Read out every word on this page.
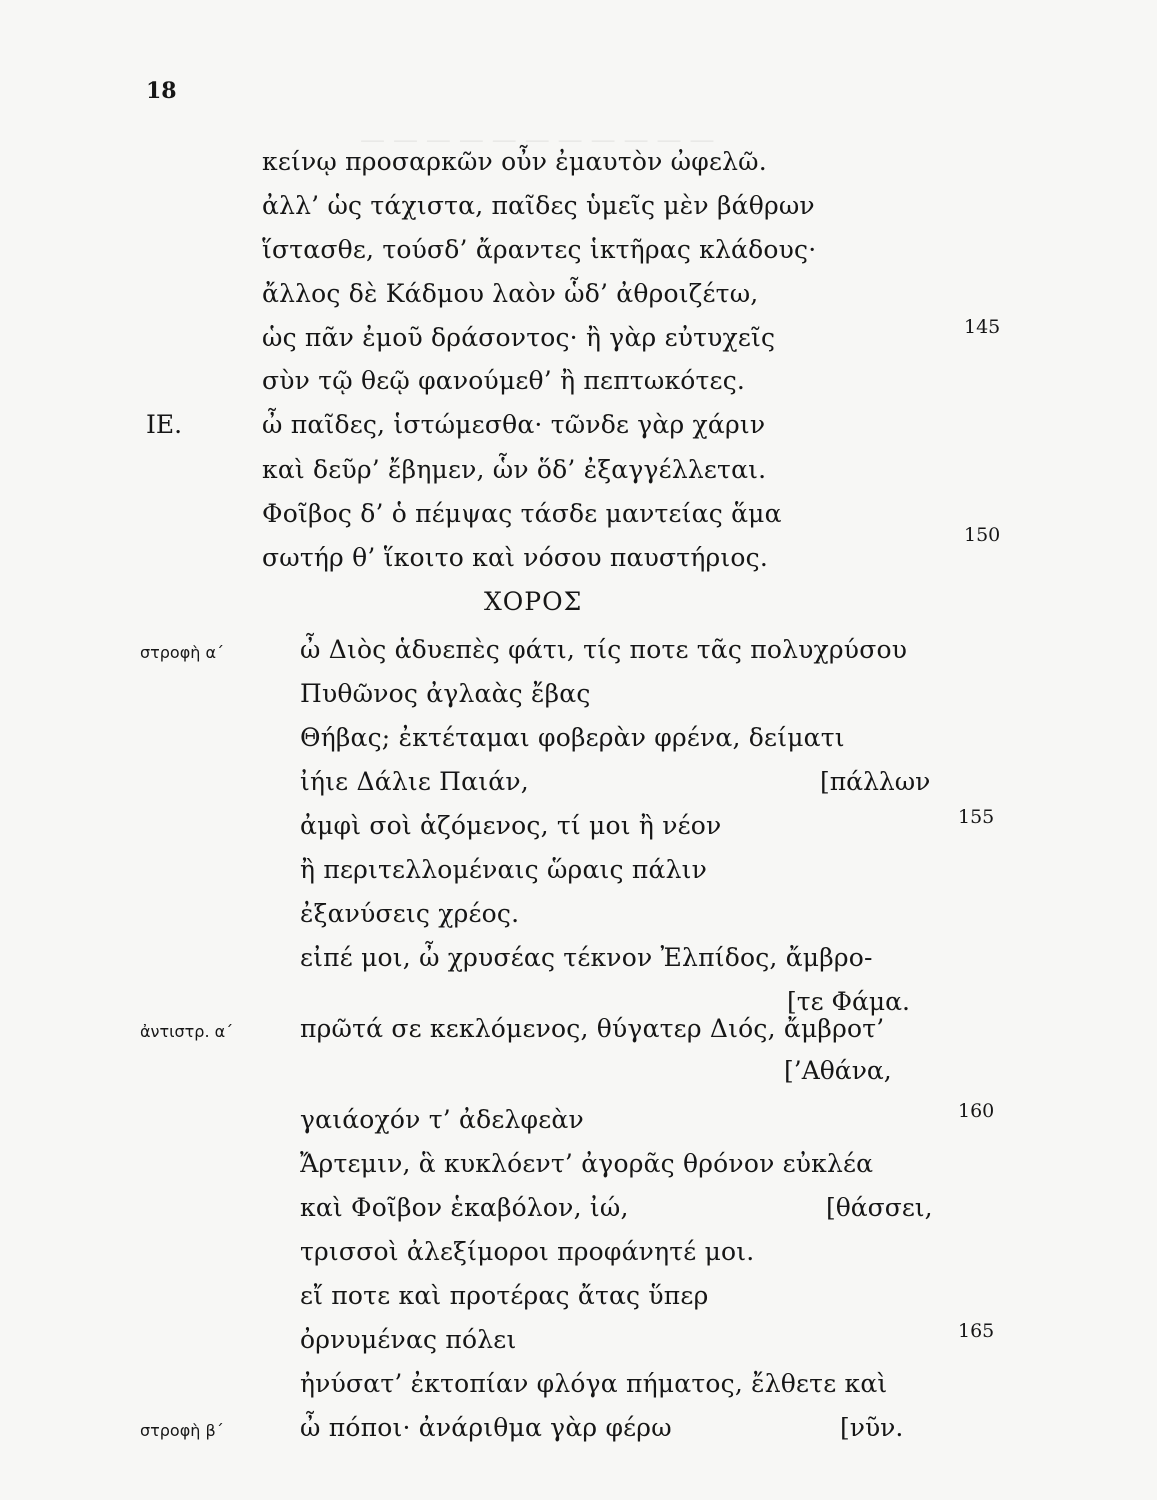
— — — — — — — — — — —
18
κείνῳ προσαρκῶν οὖν ἐμαυτὸν ὠφελῶ.
ἀλλ’ ὡς τάχιστα, παῖδες ὑμεῖς μὲν βάθρων
ἵστασθε, τούσδ’ ἄραντες ἱκτῆρας κλάδους·
ἄλλος δὲ Κάδμου λαὸν ὧδ’ ἀθροιζέτω,
ὡς πᾶν ἐμοῦ δράσοντος· ἢ γὰρ εὐτυχεῖς	145
σὺν τῷ θεῷ φανούμεθ’ ἢ πεπτωκότες.
ΙΕ.	ὦ παῖδες, ἱστώμεσθα· τῶνδε γὰρ χάριν
καὶ δεῦρ’ ἔβημεν, ὧν ὅδ’ ἐξαγγέλλεται.
Φοῖβος δ’ ὁ πέμψας τάσδε μαντείας ἅμα
σωτήρ θ’ ἵκοιτο καὶ νόσου παυστήριος.
150
ΧΟΡΟΣ
στροφὴ α΄	ὦ Διὸς ἁδυεπὲς φάτι, τίς ποτε τᾶς πολυχρύσου
Πυθῶνος ἀγλαὰς ἔβας
Θήβας; ἐκτέταμαι φοβερὰν φρένα, δείματι
ἰήιε Δάλιε Παιάν,	[πάλλων
ἀμφὶ σοὶ ἁζόμενος, τί μοι ἢ νέον	155
ἢ περιτελλομέναις ὥραις πάλιν
ἐξανύσεις χρέος.
εἰπέ μοι, ὦ χρυσέας τέκνον Ἐλπίδος, ἄμβρο-
[τε Φάμα.
ἀντιστρ. α΄	πρῶτά σε κεκλόμενος, θύγατερ Διός, ἄμβροτ’
[’Αθάνα,
γαιάοχόν τ’ ἀδελφεὰν	160
Ἄρτεμιν, ἃ κυκλόεντ’ ἀγορᾶς θρόνον εὐκλέα
καὶ Φοῖβον ἑκαβόλον, ἰώ,	[θάσσει,
τρισσοὶ ἀλεξίμοροι προφάνητέ μοι.
εἴ ποτε καὶ προτέρας ἄτας ὕπερ
ὀρνυμένας πόλει	165
ἠνύσατ’ ἐκτοπίαν φλόγα πήματος, ἔλθετε καὶ
στροφὴ β΄	ὦ πόποι· ἀνάριθμα γὰρ φέρω	[νῦν.
